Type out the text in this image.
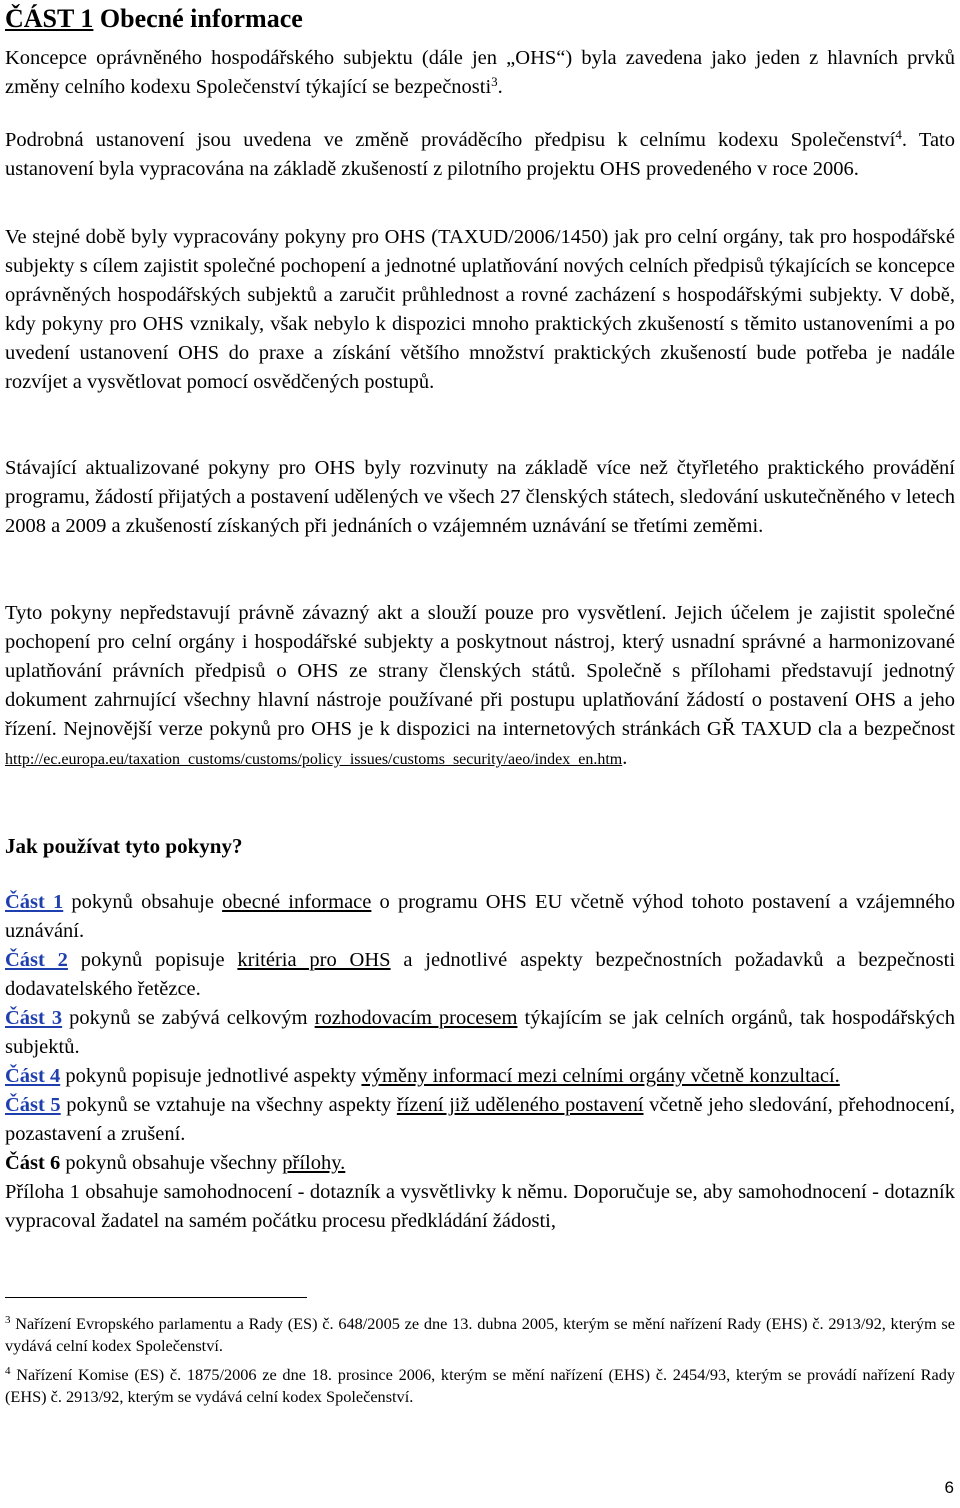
ČÁST 1 Obecné informace

Koncepce oprávněného hospodářského subjektu (dále jen „OHS“) byla zavedena jako jeden z hlavních prvků změny celního kodexu Společenství týkající se bezpečnosti$^3$.

Podrobná ustanovení jsou uvedena ve změně prováděcího předpisu k celnímu kodexu Společenství$^4$. Tato ustanovení byla vypracována na základě zkušeností z pilotního projektu OHS provedeného v roce 2006.

Ve stejné době byly vypracovány pokyny pro OHS (TAXUD/2006/1450) jak pro celní orgány, tak pro hospodářské subjekty s cílem zajistit společné pochopení a jednotné uplatňování nových celních předpisů týkajících se koncepce oprávněných hospodářských subjektů a zaručit průhlednost a rovné zacházení s hospodářskými subjekty. V době, kdy pokyny pro OHS vznikaly, však nebylo k dispozici mnoho praktických zkušeností s těmito ustanoveními a po uvedení ustanovení OHS do praxe a získání většího množství praktických zkušeností bude potřeba je nadále rozvíjet a vysvětlovat pomocí osvědčených postupů.

Stávající aktualizované pokyny pro OHS byly rozvinuty na základě více než čtyřletého praktického provádění programu, žádostí přijatých a postavení udělených ve všech 27 členských státech, sledování uskutečněného v letech 2008 a 2009 a zkušeností získaných při jednáních o vzájemném uznávání se třetími zeměmi.

Tyto pokyny nepředstavují právně závazný akt a slouží pouze pro vysvětlení. Jejich účelem je zajistit společné pochopení pro celní orgány i hospodářské subjekty a poskytnout nástroj, který usnadní správné a harmonizované uplatňování právních předpisů o OHS ze strany členských států. Společně s přílohami představují jednotný dokument zahrnující všechny hlavní nástroje používané při postupu uplatňování žádostí o postavení OHS a jeho řízení. Nejnovější verze pokynů pro OHS je k dispozici na internetových stránkách GŘ TAXUD cla a bezpečnost http://ec.europa.eu/taxation_customs/customs/policy_issues/customs_security/aeo/index_en.htm.

Jak používat tyto pokyny?

Část 1 pokynů obsahuje obecné informace o programu OHS EU včetně výhod tohoto postavení a vzájemného uznávání.

Část 2 pokynů popisuje kritéria pro OHS a jednotlivé aspekty bezpečnostních požadavků a bezpečnosti dodavatelského řetězce.

Část 3 pokynů se zabývá celkovým rozhodovacím procesem týkajícím se jak celních orgánů, tak hospodářských subjektů.

Část 4 pokynů popisuje jednotlivé aspekty výměny informací mezi celními orgány včetně konzultací.

Část 5 pokynů se vztahuje na všechny aspekty řízení již uděleného postavení včetně jeho sledování, přehodnocení, pozastavení a zrušení.

Část 6 pokynů obsahuje všechny přílohy.

Příloha 1 obsahuje samohodnocení - dotazník a vysvětlivky k němu. Doporučuje se, aby samohodnocení - dotazník vypracoval žadatel na samém počátku procesu předkládání žádosti,

$^3$ Nařízení Evropského parlamentu a Rady (ES) č. 648/2005 ze dne 13. dubna 2005, kterým se mění nařízení Rady (EHS) č. 2913/92, kterým se vydává celní kodex Společenství.
$^4$ Nařízení Komise (ES) č. 1875/2006 ze dne 18. prosince 2006, kterým se mění nařízení (EHS) č. 2454/93, kterým se provádí nařízení Rady (EHS) č. 2913/92, kterým se vydává celní kodex Společenství.
6
